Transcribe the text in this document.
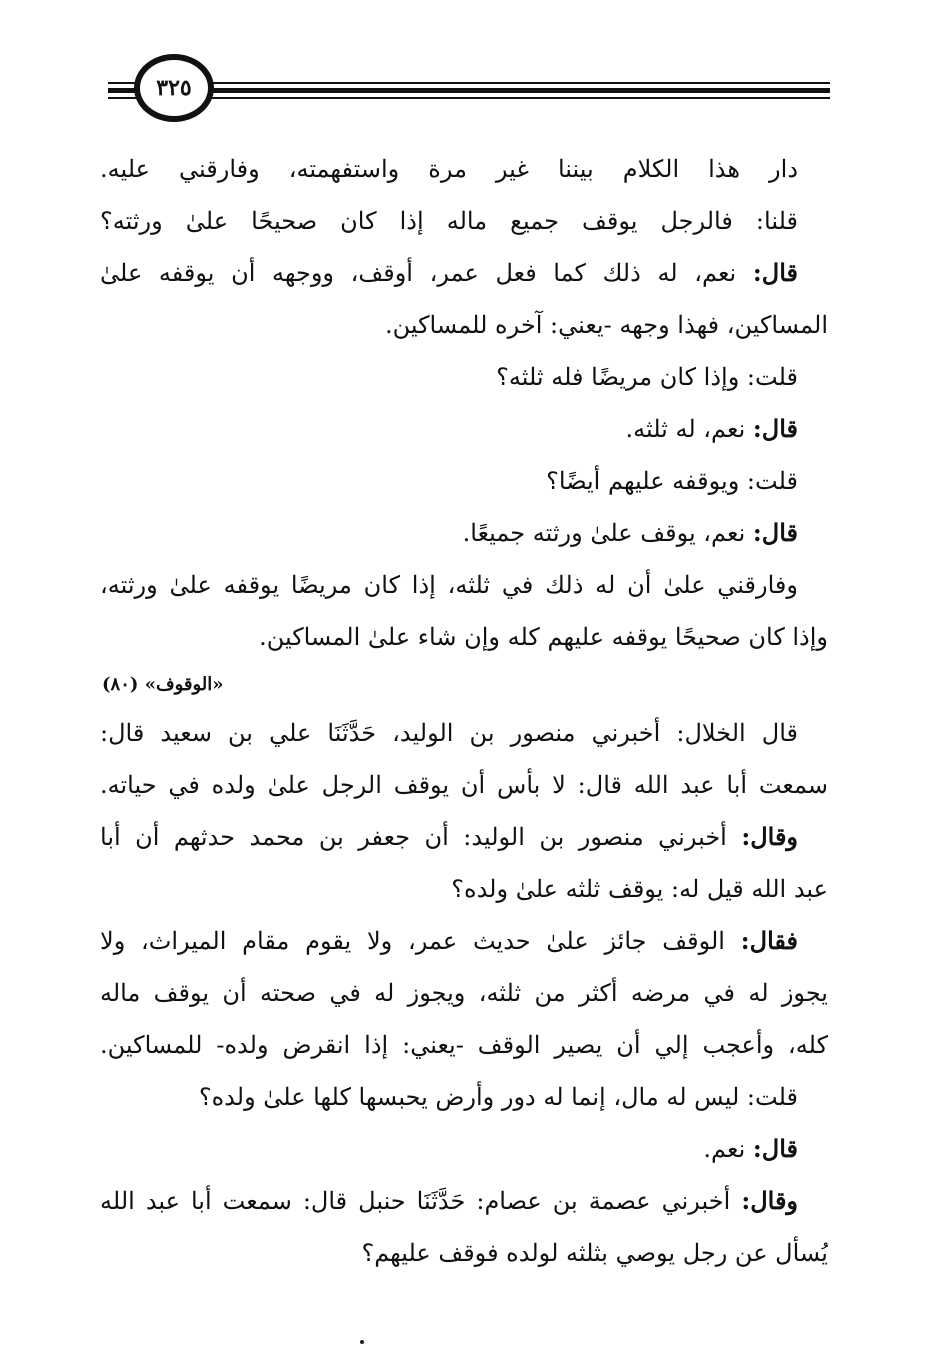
٣٢٥
دار هذا الكلام بيننا غير مرة واستفهمته، وفارقني عليه.
قلنا: فالرجل يوقف جميع ماله إذا كان صحيحًا علىٰ ورثته؟
قال: نعم، له ذلك كما فعل عمر، أوقف، ووجهه أن يوقفه علىٰ
المساكين، فهذا وجهه -يعني: آخره للمساكين.
قلت: وإذا كان مريضًا فله ثلثه؟
قال: نعم، له ثلثه.
قلت: ويوقفه عليهم أيضًا؟
قال: نعم، يوقف علىٰ ورثته جميعًا.
وفارقني علىٰ أن له ذلك في ثلثه، إذا كان مريضًا يوقفه علىٰ ورثته،
وإذا كان صحيحًا يوقفه عليهم كله وإن شاء علىٰ المساكين.
«الوقوف» (٨٠)
قال الخلال: أخبرني منصور بن الوليد، حَدَّثَنَا علي بن سعيد قال:
سمعت أبا عبد الله قال: لا بأس أن يوقف الرجل علىٰ ولده في حياته.
وقال: أخبرني منصور بن الوليد: أن جعفر بن محمد حدثهم أن أبا
عبد الله قيل له: يوقف ثلثه علىٰ ولده؟
فقال: الوقف جائز علىٰ حديث عمر، ولا يقوم مقام الميراث، ولا
يجوز له في مرضه أكثر من ثلثه، ويجوز له في صحته أن يوقف ماله
كله، وأعجب إلي أن يصير الوقف -يعني: إذا انقرض ولده- للمساكين.
قلت: ليس له مال، إنما له دور وأرض يحبسها كلها علىٰ ولده؟
قال: نعم.
وقال: أخبرني عصمة بن عصام: حَدَّثَنَا حنبل قال: سمعت أبا عبد الله
يُسأل عن رجل يوصي بثلثه لولده فوقف عليهم؟
